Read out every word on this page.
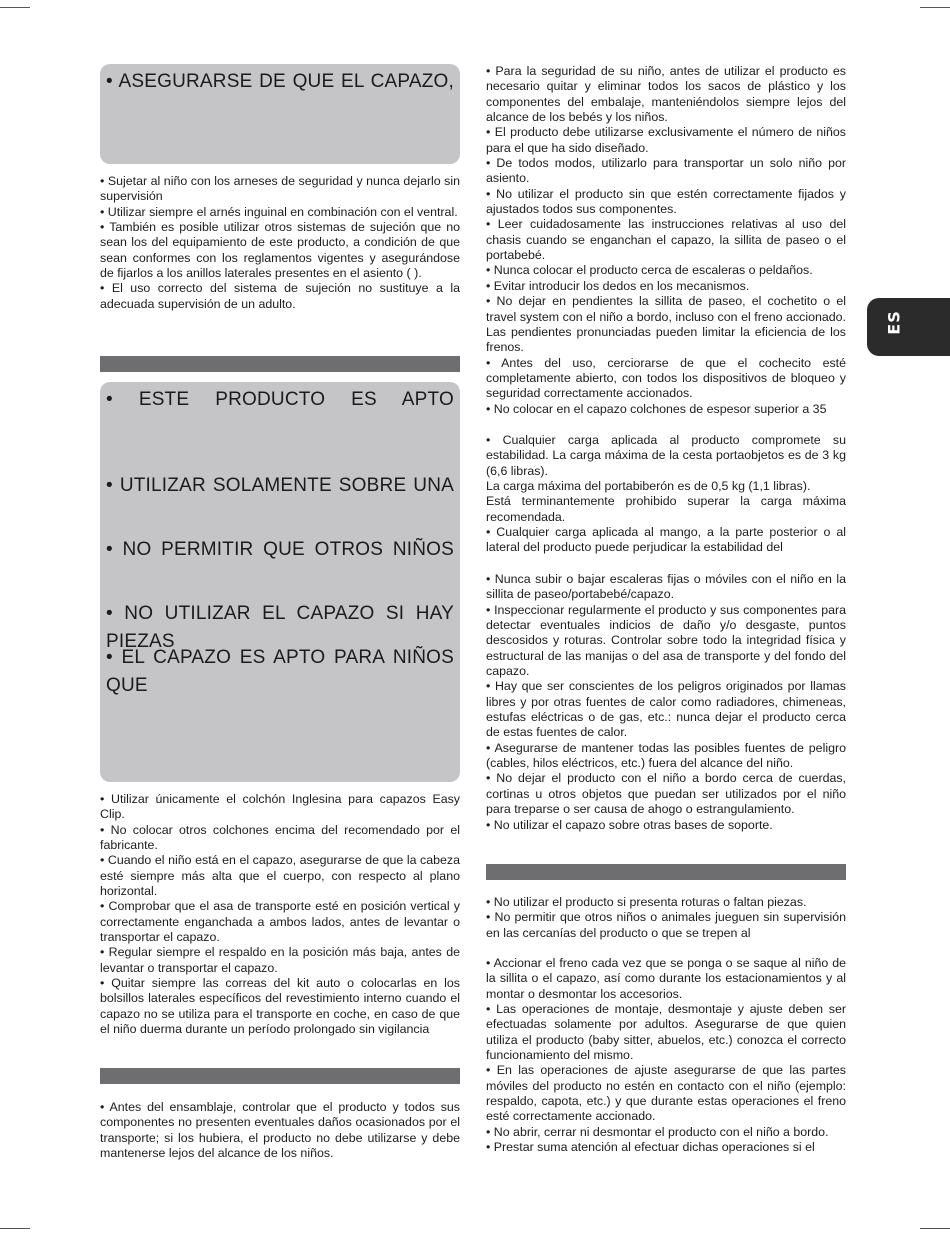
ES

• ASEGURARSE DE QUE EL CAPAZO,

• Sujetar al niño con los arneses de seguridad y nunca dejarlo sin supervisión

• Utilizar siempre el arnés inguinal en combinación con el ventral.

• También es posible utilizar otros sistemas de sujeción que no sean los del equipamiento de este producto, a condición de que sean conformes con los reglamentos vigentes y asegurándose de fijarlos a los anillos laterales presentes en el asiento ( ).

• El uso correcto del sistema de sujeción no sustituye a la adecuada supervisión de un adulto.

• ESTE PRODUCTO ES APTO

• UTILIZAR SOLAMENTE SOBRE UNA

• NO PERMITIR QUE OTROS NIÑOS

• NO UTILIZAR EL CAPAZO SI HAY PIEZAS

• EL CAPAZO ES APTO PARA NIÑOS QUE

• Utilizar únicamente el colchón Inglesina para capazos Easy Clip.

• No colocar otros colchones encima del recomendado por el fabricante.

• Cuando el niño está en el capazo, asegurarse de que la cabeza esté siempre más alta que el cuerpo, con respecto al plano horizontal.

• Comprobar que el asa de transporte esté en posición vertical y correctamente enganchada a ambos lados, antes de levantar o transportar el capazo.

• Regular siempre el respaldo en la posición más baja, antes de levantar o transportar el capazo.

• Quitar siempre las correas del kit auto o colocarlas en los bolsillos laterales específicos del revestimiento interno cuando el capazo no se utiliza para el transporte en coche, en caso de que el niño duerma durante un período prolongado sin vigilancia

• Antes del ensamblaje, controlar que el producto y todos sus componentes no presenten eventuales daños ocasionados por el transporte; si los hubiera, el producto no debe utilizarse y debe mantenerse lejos del alcance de los niños.

• Para la seguridad de su niño, antes de utilizar el producto es necesario quitar y eliminar todos los sacos de plástico y los componentes del embalaje, manteniéndolos siempre lejos del alcance de los bebés y los niños.

• El producto debe utilizarse exclusivamente el número de niños para el que ha sido diseñado.

• De todos modos, utilizarlo para transportar un solo niño por asiento.

• No utilizar el producto sin que estén correctamente fijados y ajustados todos sus componentes.

• Leer cuidadosamente las instrucciones relativas al uso del chasis cuando se enganchan el capazo, la sillita de paseo o el portabebé.

• Nunca colocar el producto cerca de escaleras o peldaños.

• Evitar introducir los dedos en los mecanismos.

• No dejar en pendientes la sillita de paseo, el cochetito o el travel system con el niño a bordo, incluso con el freno accionado. Las pendientes pronunciadas pueden limitar la eficiencia de los frenos.

• Antes del uso, cerciorarse de que el cochecito esté completamente abierto, con todos los dispositivos de bloqueo y seguridad correctamente accionados.

• No colocar en el capazo colchones de espesor superior a 35

• Cualquier carga aplicada al producto compromete su estabilidad. La carga máxima de la cesta portaobjetos es de 3 kg (6,6 libras).

La carga máxima del portabiberón es de 0,5 kg (1,1 libras).

Está terminantemente prohibido superar la carga máxima recomendada.

• Cualquier carga aplicada al mango, a la parte posterior o al lateral del producto puede perjudicar la estabilidad del

• Nunca subir o bajar escaleras fijas o móviles con el niño en la sillita de paseo/portabebé/capazo.

• Inspeccionar regularmente el producto y sus componentes para detectar eventuales indicios de daño y/o desgaste, puntos descosidos y roturas. Controlar sobre todo la integridad física y estructural de las manijas o del asa de transporte y del fondo del capazo.

• Hay que ser conscientes de los peligros originados por llamas libres y por otras fuentes de calor como radiadores, chimeneas, estufas eléctricas o de gas, etc.: nunca dejar el producto cerca de estas fuentes de calor.

• Asegurarse de mantener todas las posibles fuentes de peligro (cables, hilos eléctricos, etc.) fuera del alcance del niño.

• No dejar el producto con el niño a bordo cerca de cuerdas, cortinas u otros objetos que puedan ser utilizados por el niño para treparse o ser causa de ahogo o estrangulamiento.

• No utilizar el capazo sobre otras bases de soporte.

• No utilizar el producto si presenta roturas o faltan piezas.

• No permitir que otros niños o animales jueguen sin supervisión en las cercanías del producto o que se trepen al

• Accionar el freno cada vez que se ponga o se saque al niño de la sillita o el capazo, así como durante los estacionamientos y al montar o desmontar los accesorios.

• Las operaciones de montaje, desmontaje y ajuste deben ser efectuadas solamente por adultos. Asegurarse de que quien utiliza el producto (baby sitter, abuelos, etc.) conozca el correcto funcionamiento del mismo.

• En las operaciones de ajuste asegurarse de que las partes móviles del producto no estén en contacto con el niño (ejemplo: respaldo, capota, etc.) y que durante estas operaciones el freno esté correctamente accionado.

• No abrir, cerrar ni desmontar el producto con el niño a bordo.

• Prestar suma atención al efectuar dichas operaciones si el
